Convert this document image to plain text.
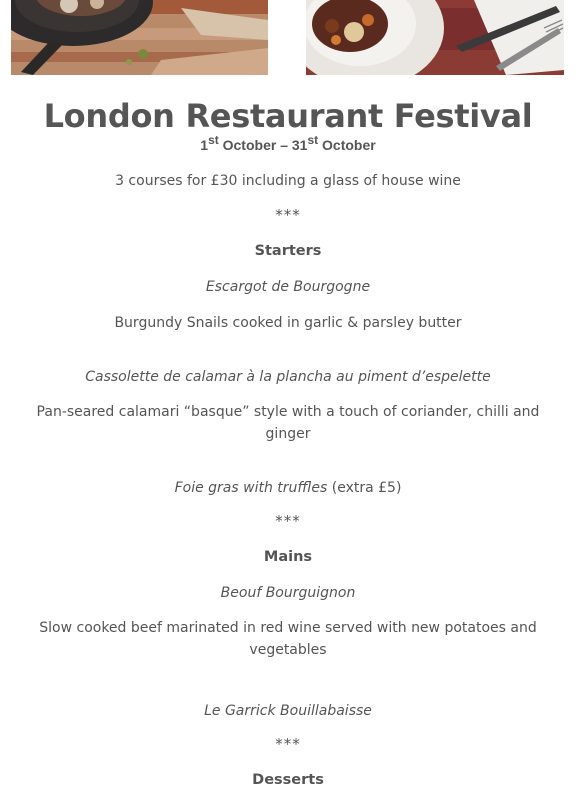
London Restaurant Festival
1st October – 31st October

3 courses for £30 including a glass of house wine

***

Starters

Escargot de Bourgogne

Burgundy Snails cooked in garlic & parsley butter

Cassolette de calamar à la plancha au piment d’espelette

Pan-seared calamari “basque” style with a touch of coriander, chilli and ginger

Foie gras with truffles (extra £5)

***

Mains

Beouf Bourguignon

Slow cooked beef marinated in red wine served with new potatoes and vegetables

Le Garrick Bouillabaisse

***

Desserts
